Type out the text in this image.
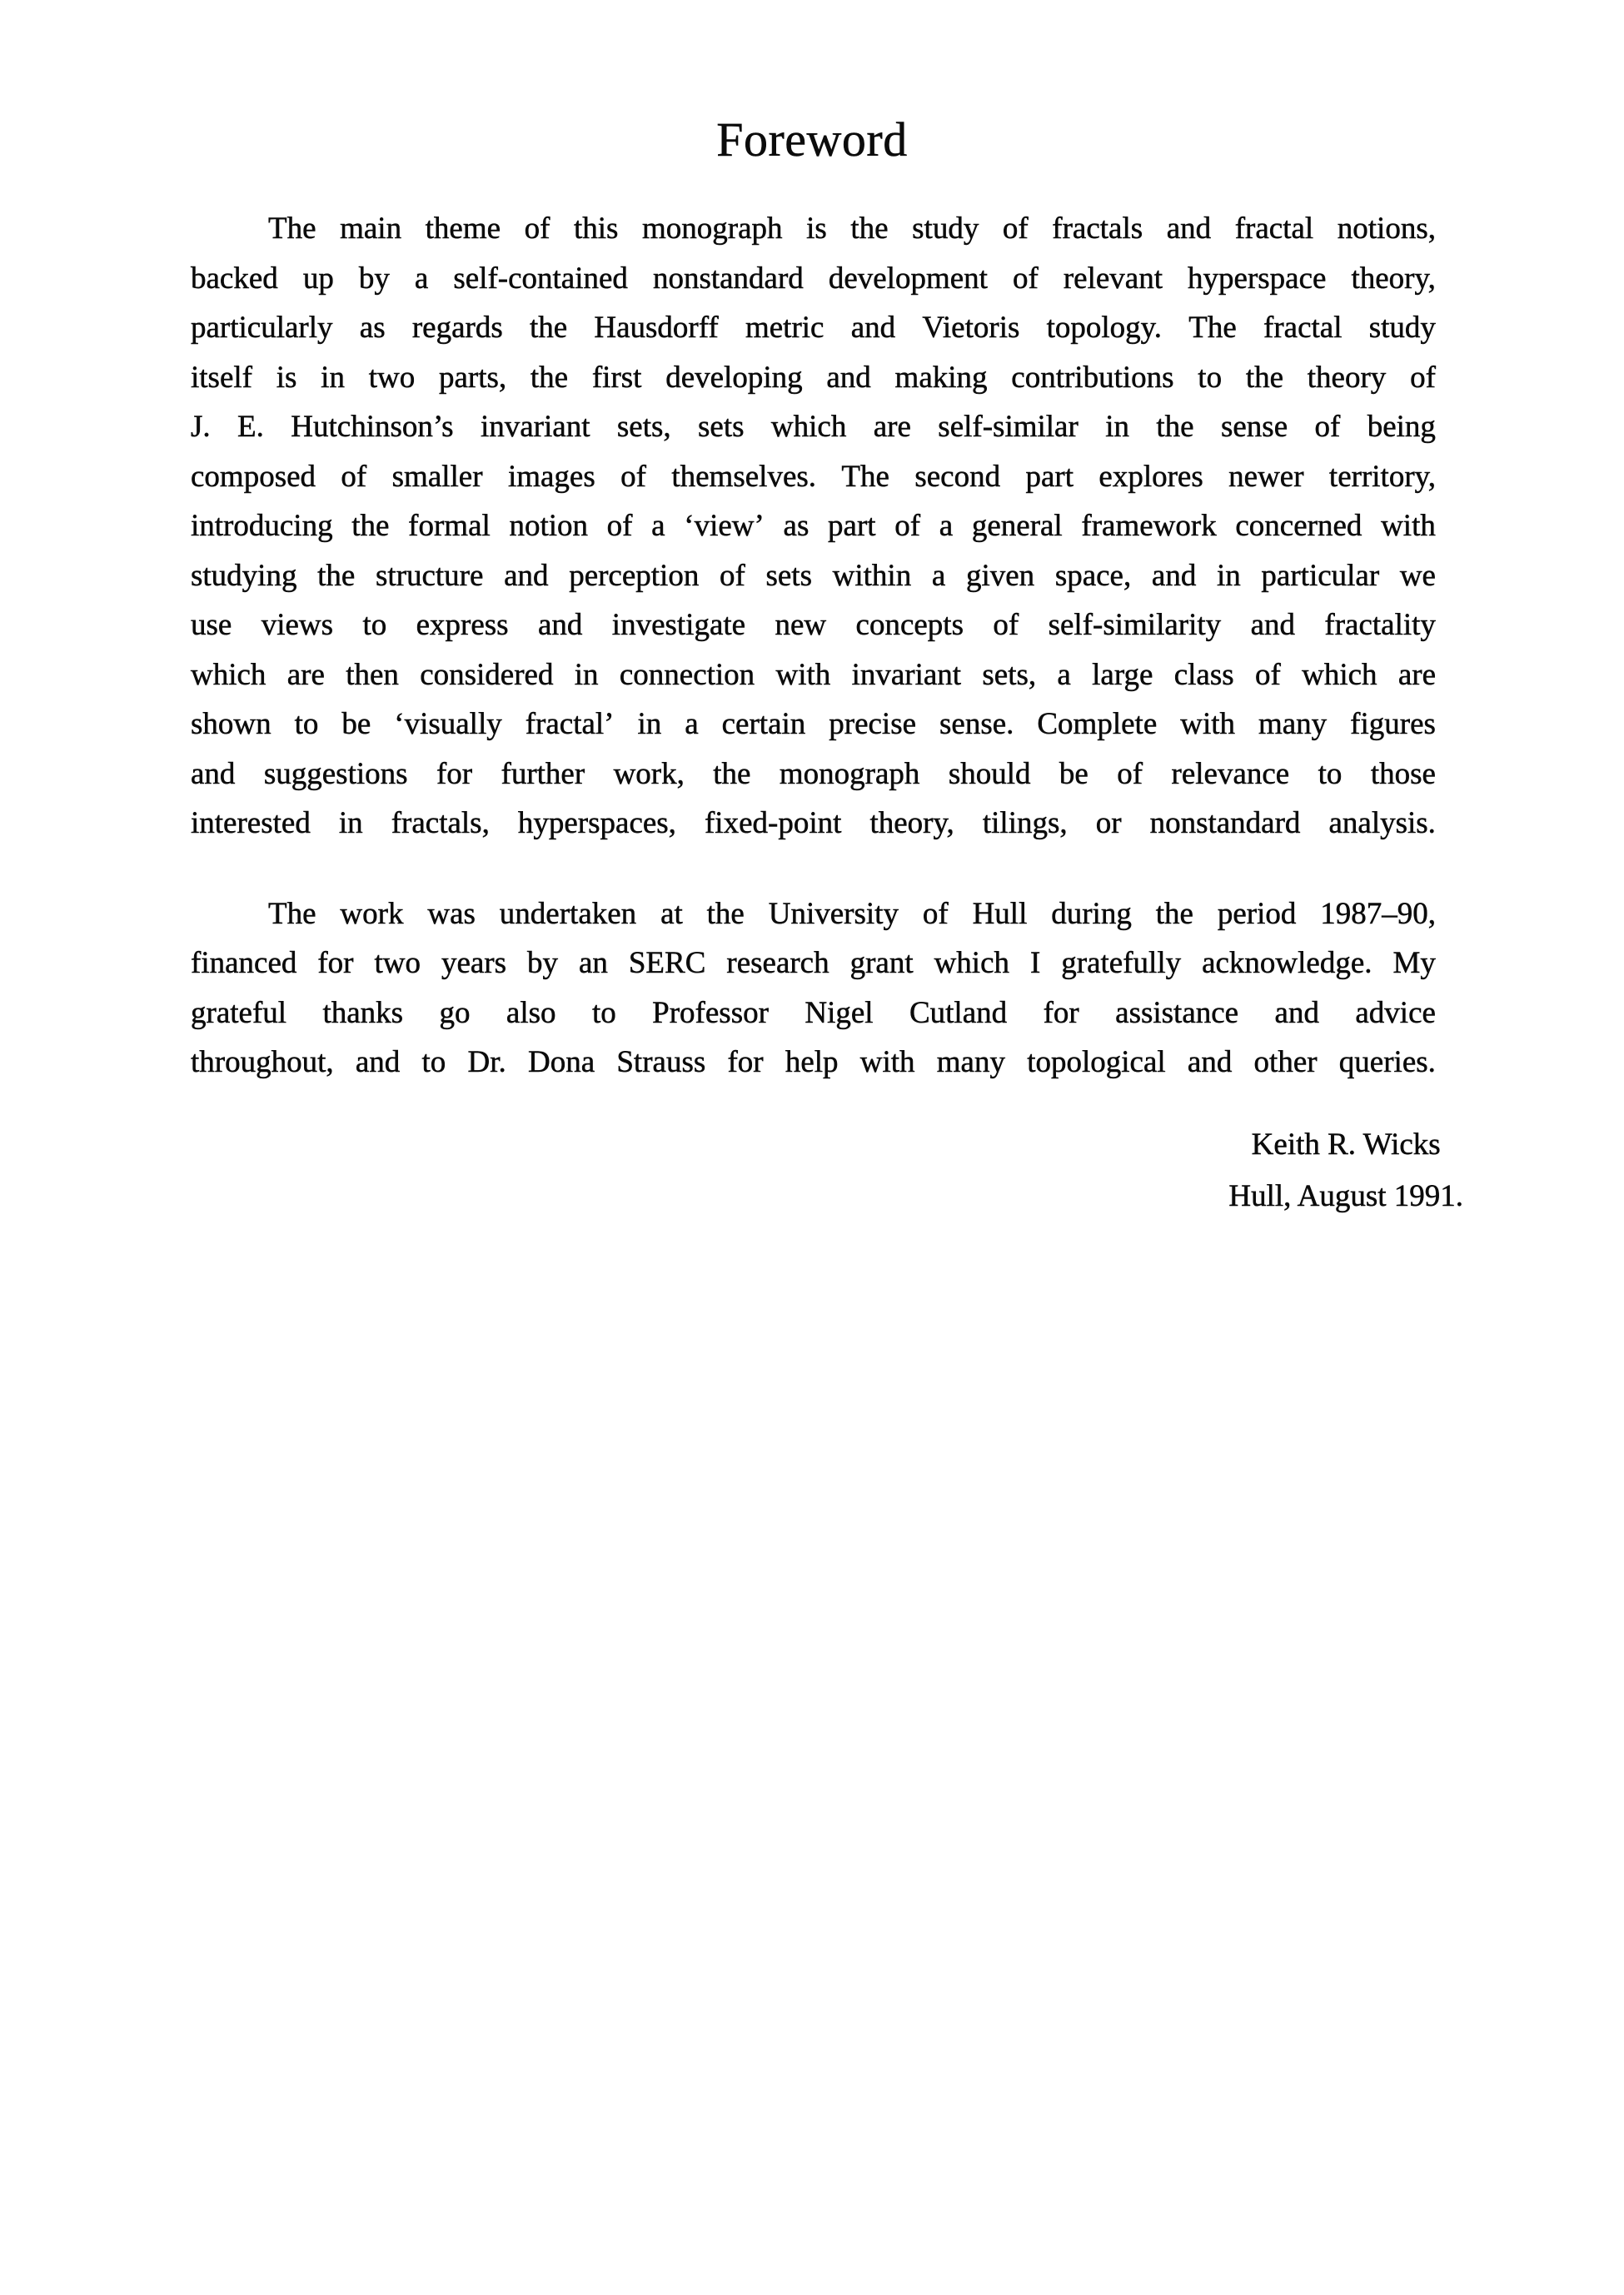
Foreword
The main theme of this monograph is the study of fractals and fractal notions,
backed up by a self-contained nonstandard development of relevant hyperspace theory,
particularly as regards the Hausdorff metric and Vietoris topology. The fractal study
itself is in two parts, the first developing and making contributions to the theory of
J. E. Hutchinson’s invariant sets, sets which are self-similar in the sense of being
composed of smaller images of themselves. The second part explores newer territory,
introducing the formal notion of a ‘view’ as part of a general framework concerned with
studying the structure and perception of sets within a given space, and in particular we
use views to express and investigate new concepts of self-similarity and fractality
which are then considered in connection with invariant sets, a large class of which are
shown to be ‘visually fractal’ in a certain precise sense. Complete with many figures
and suggestions for further work, the monograph should be of relevance to those
interested in fractals, hyperspaces, fixed-point theory, tilings, or nonstandard analysis.
The work was undertaken at the University of Hull during the period 1987–90,
financed for two years by an SERC research grant which I gratefully acknowledge. My
grateful thanks go also to Professor Nigel Cutland for assistance and advice
throughout, and to Dr. Dona Strauss for help with many topological and other queries.
Keith R. Wicks
Hull, August 1991.
